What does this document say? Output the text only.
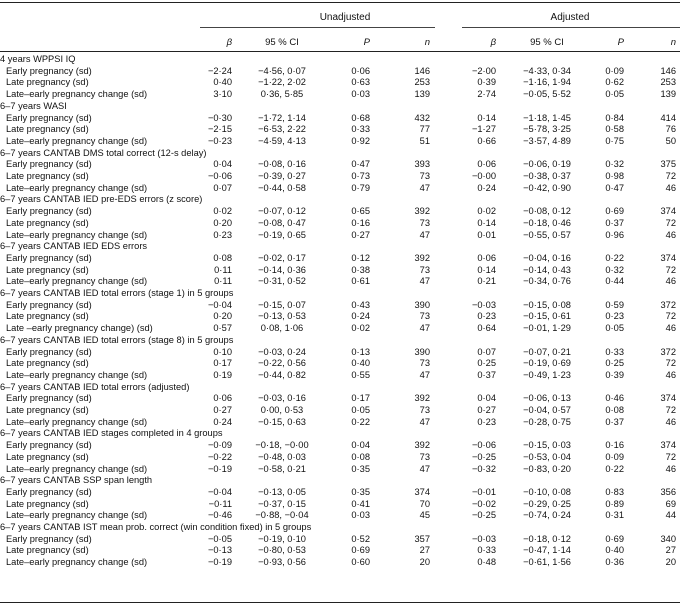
Unadjusted	Adjusted
β	95 % CI	P	n	β	95 % CI	P	n
4 years WPPSI IQ
Early pregnancy (sd)	−2·24	−4·56, 0·07	0·06	146	−2·00	−4·33, 0·34	0·09	146
Late pregnancy (sd)	0·40	−1·22, 2·02	0·63	253	0·39	−1·16, 1·94	0·62	253
Late–early pregnancy change (sd)	3·10	0·36, 5·85	0·03	139	2·74	−0·05, 5·52	0·05	139
6–7 years WASI
Early pregnancy (sd)	−0·30	−1·72, 1·14	0·68	432	0·14	−1·18, 1·45	0·84	414
Late pregnancy (sd)	−2·15	−6·53, 2·22	0·33	77	−1·27	−5·78, 3·25	0·58	76
Late–early pregnancy change (sd)	−0·23	−4·59, 4·13	0·92	51	0·66	−3·57, 4·89	0·75	50
6–7 years CANTAB DMS total correct (12-s delay)
Early pregnancy (sd)	0·04	−0·08, 0·16	0·47	393	0·06	−0·06, 0·19	0·32	375
Late pregnancy (sd)	−0·06	−0·39, 0·27	0·73	73	−0·00	−0·38, 0·37	0·98	72
Late–early pregnancy change (sd)	0·07	−0·44, 0·58	0·79	47	0·24	−0·42, 0·90	0·47	46
6–7 years CANTAB IED pre-EDS errors (z score)
Early pregnancy (sd)	0·02	−0·07, 0·12	0·65	392	0·02	−0·08, 0·12	0·69	374
Late pregnancy (sd)	0·20	−0·08, 0·47	0·16	73	0·14	−0·18, 0·46	0·37	72
Late–early pregnancy change (sd)	0·23	−0·19, 0·65	0·27	47	0·01	−0·55, 0·57	0·96	46
6–7 years CANTAB IED EDS errors
Early pregnancy (sd)	0·08	−0·02, 0·17	0·12	392	0·06	−0·04, 0·16	0·22	374
Late pregnancy (sd)	0·11	−0·14, 0·36	0·38	73	0·14	−0·14, 0·43	0·32	72
Late–early pregnancy change (sd)	0·11	−0·31, 0·52	0·61	47	0·21	−0·34, 0·76	0·44	46
6–7 years CANTAB IED total errors (stage 1) in 5 groups
Early pregnancy (sd)	−0·04	−0·15, 0·07	0·43	390	−0·03	−0·15, 0·08	0·59	372
Late pregnancy (sd)	0·20	−0·13, 0·53	0·24	73	0·23	−0·15, 0·61	0·23	72
Late –early pregnancy change) (sd)	0·57	0·08, 1·06	0·02	47	0·64	−0·01, 1·29	0·05	46
6–7 years CANTAB IED total errors (stage 8) in 5 groups
Early pregnancy (sd)	0·10	−0·03, 0·24	0·13	390	0·07	−0·07, 0·21	0·33	372
Late pregnancy (sd)	0·17	−0·22, 0·56	0·40	73	0·25	−0·19, 0·69	0·25	72
Late–early pregnancy change (sd)	0·19	−0·44, 0·82	0·55	47	0·37	−0·49, 1·23	0·39	46
6–7 years CANTAB IED total errors (adjusted)
Early pregnancy (sd)	0·06	−0·03, 0·16	0·17	392	0·04	−0·06, 0·13	0·46	374
Late pregnancy (sd)	0·27	0·00, 0·53	0·05	73	0·27	−0·04, 0·57	0·08	72
Late–early pregnancy change (sd)	0·24	−0·15, 0·63	0·22	47	0·23	−0·28, 0·75	0·37	46
6–7 years CANTAB IED stages completed in 4 groups
Early pregnancy (sd)	−0·09	−0·18, −0·00	0·04	392	−0·06	−0·15, 0·03	0·16	374
Late pregnancy (sd)	−0·22	−0·48, 0·03	0·08	73	−0·25	−0·53, 0·04	0·09	72
Late–early pregnancy change (sd)	−0·19	−0·58, 0·21	0·35	47	−0·32	−0·83, 0·20	0·22	46
6–7 years CANTAB SSP span length
Early pregnancy (sd)	−0·04	−0·13, 0·05	0·35	374	−0·01	−0·10, 0·08	0·83	356
Late pregnancy (sd)	−0·11	−0·37, 0·15	0·41	70	−0·02	−0·29, 0·25	0·89	69
Late–early pregnancy change (sd)	−0·46	−0·88, −0·04	0·03	45	−0·25	−0·74, 0·24	0·31	44
6–7 years CANTAB IST mean prob. correct (win condition fixed) in 5 groups
Early pregnancy (sd)	−0·05	−0·19, 0·10	0·52	357	−0·03	−0·18, 0·12	0·69	340
Late pregnancy (sd)	−0·13	−0·80, 0·53	0·69	27	0·33	−0·47, 1·14	0·40	27
Late–early pregnancy change (sd)	−0·19	−0·93, 0·56	0·60	20	0·48	−0·61, 1·56	0·36	20
